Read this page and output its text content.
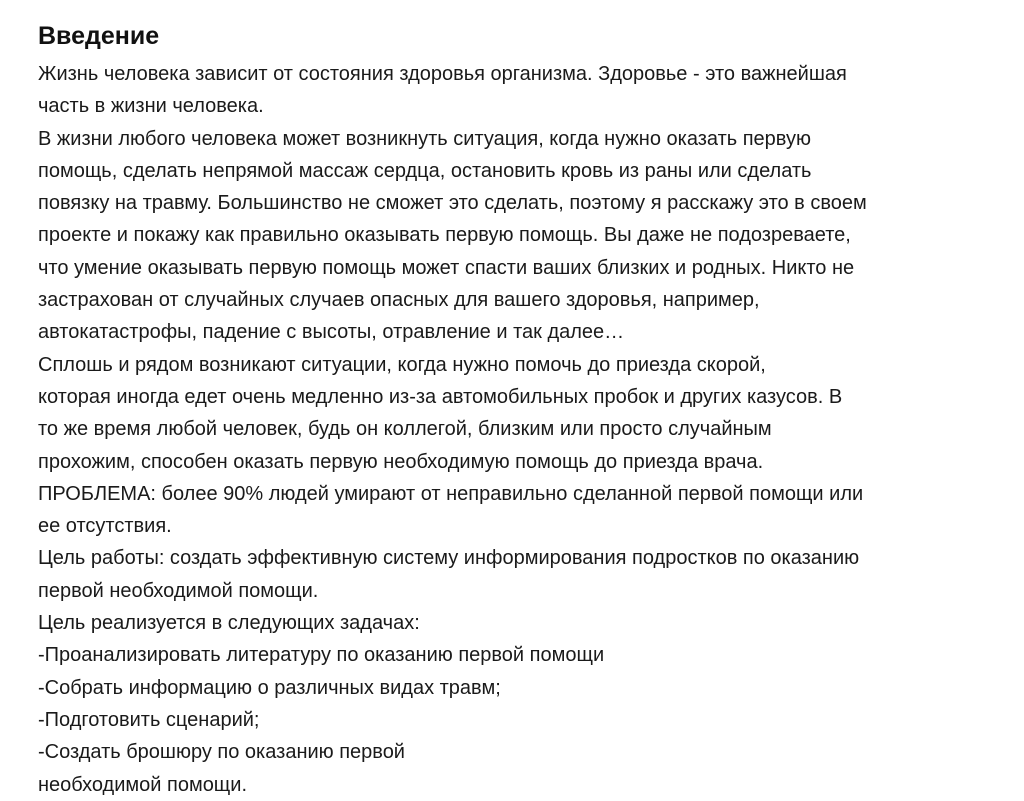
Введение
Жизнь человека зависит от состояния здоровья организма. Здоровье - это важнейшая
часть в жизни человека.
В жизни любого человека может возникнуть ситуация, когда нужно оказать первую
помощь, сделать непрямой массаж сердца, остановить кровь из раны или сделать
повязку на травму. Большинство не сможет это сделать, поэтому я расскажу это в своем
проекте и покажу как правильно оказывать первую помощь. Вы даже не подозреваете,
что умение оказывать первую помощь может спасти ваших близких и родных. Никто не
застрахован от случайных случаев опасных для вашего здоровья, например,
автокатастрофы, падение с высоты, отравление и так далее…
Сплошь и рядом возникают ситуации, когда нужно помочь до приезда скорой,
которая иногда едет очень медленно из-за автомобильных пробок и других казусов. В
то же время любой человек, будь он коллегой, близким или просто случайным
прохожим, способен оказать первую необходимую помощь до приезда врача.
ПРОБЛЕМА: более 90% людей умирают от неправильно сделанной первой помощи или
ее отсутствия.
Цель работы: создать эффективную систему информирования подростков по оказанию
первой необходимой помощи.
Цель реализуется в следующих задачах:
-Проанализировать литературу по оказанию первой помощи
-Собрать информацию о различных видах травм;
-Подготовить сценарий;
-Создать брошюру по оказанию первой
необходимой помощи.
